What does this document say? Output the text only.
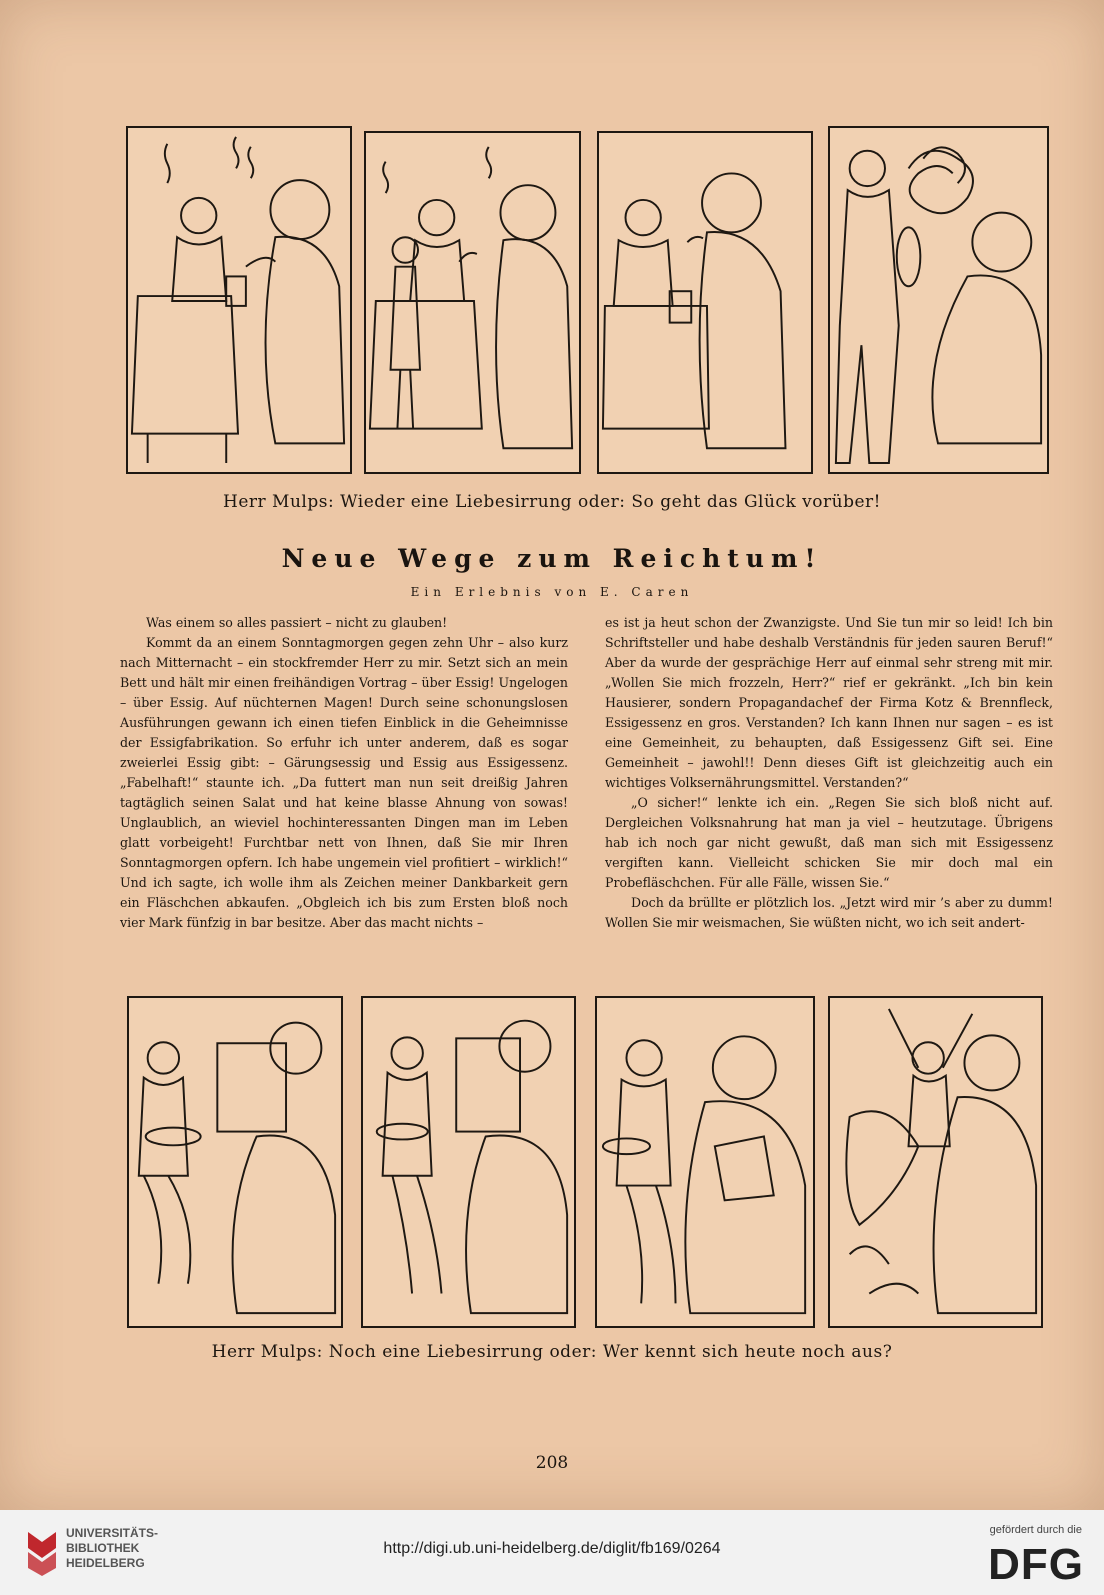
Herr Mulps: Wieder eine Liebesirrung oder: So geht das Glück vorüber!
Neue Wege zum Reichtum!
Ein Erlebnis von E. Caren

Was einem so alles passiert – nicht zu glauben!

Kommt da an einem Sonntagmorgen gegen zehn Uhr – also kurz nach Mitternacht – ein stockfremder Herr zu mir. Setzt sich an mein Bett und hält mir einen freihändigen Vortrag – über Essig! Ungelogen – über Essig. Auf nüchternen Magen! Durch seine schonungslosen Ausführungen gewann ich einen tiefen Einblick in die Geheimnisse der Essigfabrikation. So erfuhr ich unter anderem, daß es sogar zweierlei Essig gibt: – Gärungsessig und Essig aus Essigessenz. „Fabelhaft!“ staunte ich. „Da futtert man nun seit dreißig Jahren tagtäglich seinen Salat und hat keine blasse Ahnung von sowas! Unglaublich, an wieviel hochinteressanten Dingen man im Leben glatt vorbeigeht! Furchtbar nett von Ihnen, daß Sie mir Ihren Sonntagmorgen opfern. Ich habe ungemein viel profitiert – wirklich!“ Und ich sagte, ich wolle ihm als Zeichen meiner Dankbarkeit gern ein Fläschchen abkaufen. „Obgleich ich bis zum Ersten bloß noch vier Mark fünfzig in bar besitze. Aber das macht nichts –

es ist ja heut schon der Zwanzigste. Und Sie tun mir so leid! Ich bin Schriftsteller und habe deshalb Verständnis für jeden sauren Beruf!“ Aber da wurde der gesprächige Herr auf einmal sehr streng mit mir. „Wollen Sie mich frozzeln, Herr?“ rief er gekränkt. „Ich bin kein Hausierer, sondern Propagandachef der Firma Kotz & Brennfleck, Essigessenz en gros. Verstanden? Ich kann Ihnen nur sagen – es ist eine Gemeinheit, zu behaupten, daß Essigessenz Gift sei. Eine Gemeinheit – jawohl!! Denn dieses Gift ist gleichzeitig auch ein wichtiges Volksernährungsmittel. Verstanden?“

„O sicher!“ lenkte ich ein. „Regen Sie sich bloß nicht auf. Dergleichen Volksnahrung hat man ja viel – heutzutage. Übrigens hab ich noch gar nicht gewußt, daß man sich mit Essigessenz vergiften kann. Vielleicht schicken Sie mir doch mal ein Probefläschchen. Für alle Fälle, wissen Sie.“

Doch da brüllte er plötzlich los. „Jetzt wird mir ’s aber zu dumm! Wollen Sie mir weismachen, Sie wüßten nicht, wo ich seit andert-

Herr Mulps: Noch eine Liebesirrung oder: Wer kennt sich heute noch aus?
208
UNIVERSITÄTS-
BIBLIOTHEK
HEIDELBERG
http://digi.ub.uni-heidelberg.de/diglit/fb169/0264
gefördert durch die
DFG
